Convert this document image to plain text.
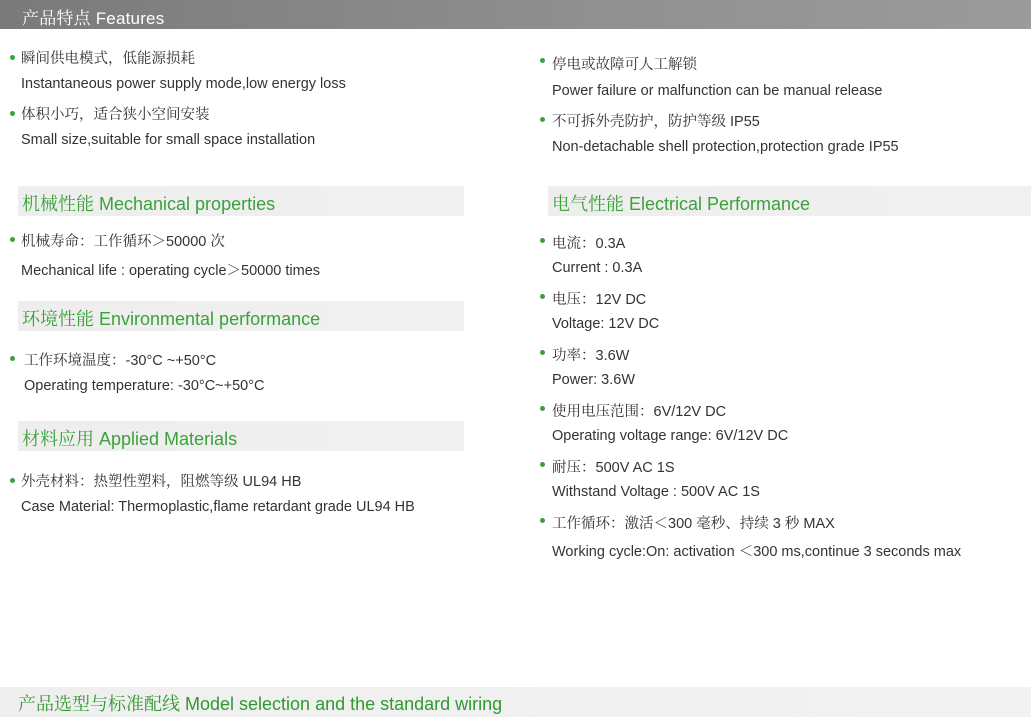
产品特点 Features
瞬间供电模式，低能源损耗
Instantaneous power supply mode,low energy loss
体积小巧，适合狭小空间安装
Small size,suitable for small space installation
停电或故障可人工解锁
Power failure or malfunction can be manual release
不可拆外壳防护，防护等级 IP55
Non-detachable shell protection,protection grade IP55
机械性能 Mechanical properties
机械寿命：工作循环＞50000 次
Mechanical life : operating cycle＞50000 times
环境性能 Environmental performance
工作环境温度：-30°C ~+50°C
Operating temperature: -30°C~+50°C
材料应用 Applied Materials
外壳材料：热塑性塑料，阻燃等级 UL94 HB
Case Material: Thermoplastic,flame retardant grade UL94 HB
电气性能 Electrical Performance
电流：0.3A
Current : 0.3A
电压：12V DC
Voltage: 12V DC
功率：3.6W
Power: 3.6W
使用电压范围：6V/12V DC
Operating voltage range: 6V/12V DC
耐压：500V AC 1S
Withstand Voltage : 500V AC 1S
工作循环：激活＜300 毫秒、持续 3 秒 MAX
Working cycle:On: activation ＜300 ms,continue 3 seconds max
产品选型与标准配线 Model selection and the standard wiring
